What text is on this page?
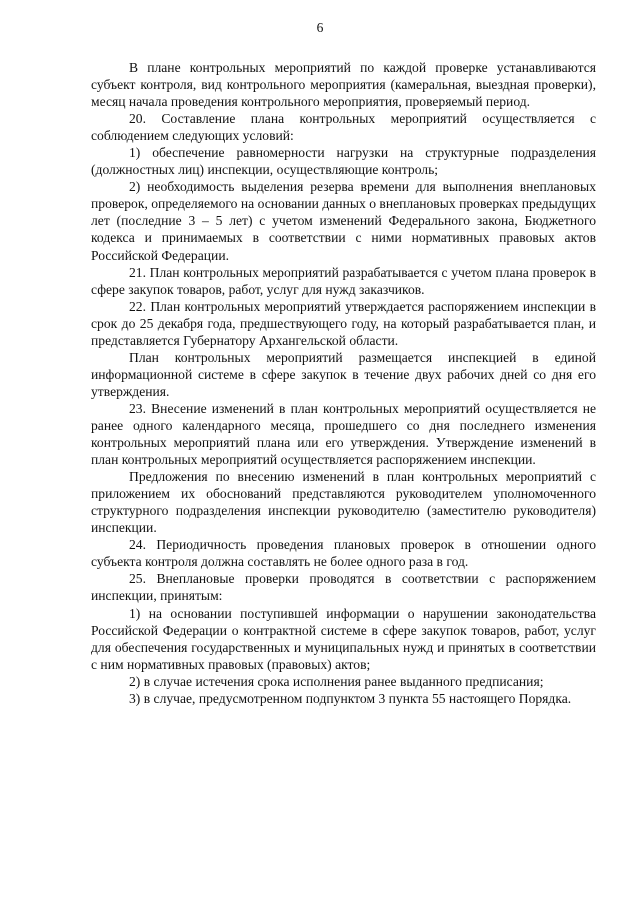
6

В плане контрольных мероприятий по каждой проверке устанавливаются субъект контроля, вид контрольного мероприятия (камеральная, выездная проверки), месяц начала проведения контрольного мероприятия, проверяемый период.

20. Составление плана контрольных мероприятий осуществляется с соблюдением следующих условий:

1) обеспечение равномерности нагрузки на структурные подразделения (должностных лиц) инспекции, осуществляющие контроль;

2) необходимость выделения резерва времени для выполнения внеплановых проверок, определяемого на основании данных о внеплановых проверках предыдущих лет (последние 3 – 5 лет) с учетом изменений Федерального закона, Бюджетного кодекса и принимаемых в соответствии с ними нормативных правовых актов Российской Федерации.

21. План контрольных мероприятий разрабатывается с учетом плана проверок в сфере закупок товаров, работ, услуг для нужд заказчиков.

22. План контрольных мероприятий утверждается распоряжением инспекции в срок до 25 декабря года, предшествующего году, на который разрабатывается план, и представляется Губернатору Архангельской области.

План контрольных мероприятий размещается инспекцией в единой информационной системе в сфере закупок в течение двух рабочих дней со дня его утверждения.

23. Внесение изменений в план контрольных мероприятий осуществляется не ранее одного календарного месяца, прошедшего со дня последнего изменения контрольных мероприятий плана или его утверждения. Утверждение изменений в план контрольных мероприятий осуществляется распоряжением инспекции.

Предложения по внесению изменений в план контрольных мероприятий с приложением их обоснований представляются руководителем уполномоченного структурного подразделения инспекции руководителю (заместителю руководителя) инспекции.

24. Периодичность проведения плановых проверок в отношении одного субъекта контроля должна составлять не более одного раза в год.

25. Внеплановые проверки проводятся в соответствии с распоряжением инспекции, принятым:

1) на основании поступившей информации о нарушении законодательства Российской Федерации о контрактной системе в сфере закупок товаров, работ, услуг для обеспечения государственных и муниципальных нужд и принятых в соответствии с ним нормативных правовых (правовых) актов;

2) в случае истечения срока исполнения ранее выданного предписания;

3) в случае, предусмотренном подпунктом 3 пункта 55 настоящего Порядка.
